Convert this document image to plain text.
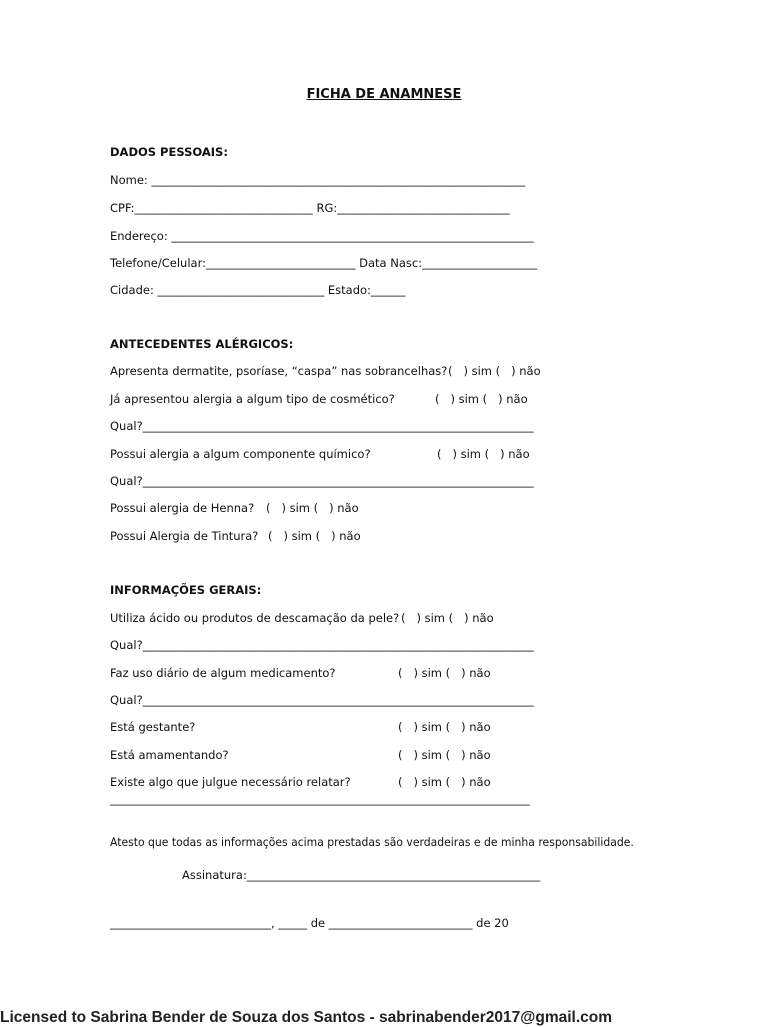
FICHA DE ANAMNESE
DADOS PESSOAIS:
Nome: _________________________________________________________________
CPF:_______________________________ RG:______________________________
Endereço: _______________________________________________________________
Telefone/Celular:__________________________ Data Nasc:____________________
Cidade: _____________________________ Estado:______
ANTECEDENTES ALÉRGICOS:
Apresenta dermatite, psoríase, “caspa” nas sobrancelhas? (   ) sim (   ) não
Já apresentou alergia a algum tipo de cosmético?	(   ) sim (   ) não
Qual?____________________________________________________________________
Possui alergia a algum componente químico?	(   ) sim (   ) não
Qual?____________________________________________________________________
Possui alergia de Henna? (   ) sim (   ) não
Possui Alergia de Tintura? (   ) sim (   ) não
INFORMAÇÕES GERAIS:
Utiliza ácido ou produtos de descamação da pele? (   ) sim (   ) não
Qual?____________________________________________________________________
Faz uso diário de algum medicamento?	(   ) sim (   ) não
Qual?____________________________________________________________________
Está gestante?	(   ) sim (   ) não
Está amamentando?	(   ) sim (   ) não
Existe algo que julgue necessário relatar?	(   ) sim (   ) não
_________________________________________________________________________
Atesto que todas as informações acima prestadas são verdadeiras e de minha responsabilidade.
Assinatura:___________________________________________________
____________________________, _____ de _________________________ de 20
Licensed to Sabrina Bender de Souza dos Santos - sabrinabender2017@gmail.com
